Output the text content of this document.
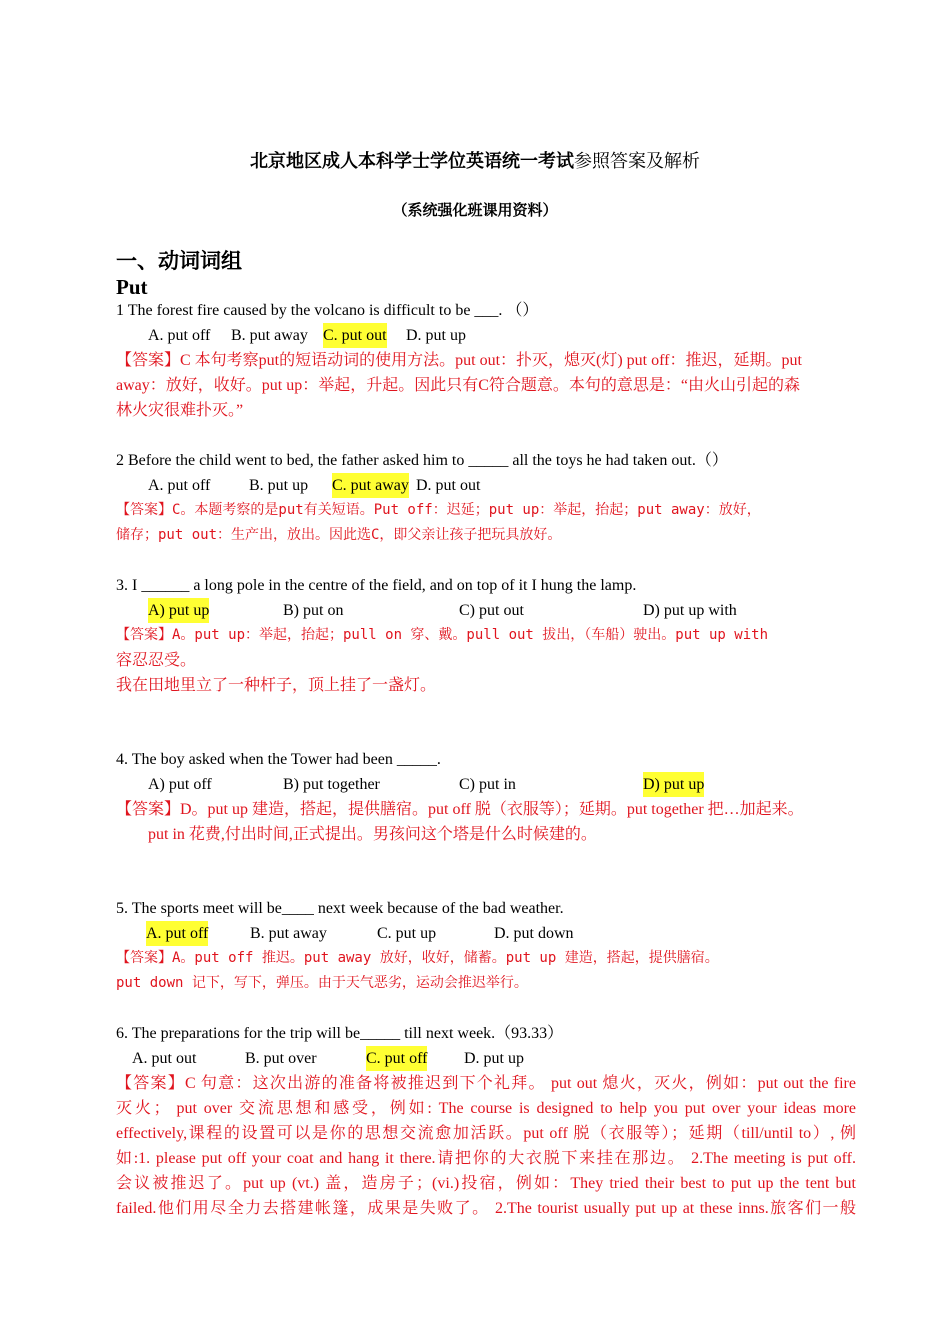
北京地区成人本科学士学位英语统一考试参照答案及解析
（系统强化班课用资料）
一、动词词组
Put
1 The forest fire caused by the volcano is difficult to be ___. （）
A. put off B. put away C. put out D. put up
【答案】C 本句考察put的短语动词的使用方法。put out：扑灭，熄灭(灯) put off：推迟，延期。put
away：放好，收好。put up：举起，升起。因此只有C符合题意。本句的意思是：“由火山引起的森
林火灾很难扑灭。”
2 Before the child went to bed, the father asked him to _____ all the toys he had taken out.（）
A. put off B. put up C. put away D. put out
【答案】C。本题考察的是put有关短语。Put off：迟延；put up：举起，抬起；put away：放好，
储存；put out：生产出，放出。因此选C，即父亲让孩子把玩具放好。
3. I ______ a long pole in the centre of the field, and on top of it I hung the lamp.
A) put up	B) put on	C) put out	D) put up with
【答案】A。put up：举起，抬起；pull on 穿、戴。pull out 拔出，（车船）驶出。put up with
容忍忍受。
我在田地里立了一种杆子，顶上挂了一盏灯。
4. The boy asked when the Tower had been _____.
A) put off	B) put together	C) put in	D) put up
【答案】D。put up 建造，搭起，提供膳宿。put off 脱（衣服等）；延期。put together 把…加起来。
put in 花费,付出时间,正式提出。男孩问这个塔是什么时候建的。
5. The sports meet will be____ next week because of the bad weather.
A. put off	B. put away	C. put up	D. put down
【答案】A。put off 推迟。put away 放好，收好，储蓄。put up 建造，搭起，提供膳宿。
put down 记下，写下，弹压。由于天气恶劣，运动会推迟举行。
6. The preparations for the trip will be_____ till next week.（93.33）
A. put out	B. put over	C. put off D. put up
【答案】C 句意：这次出游的准备将被推迟到下个礼拜。 put out 熄火，灭火，例如：put out the fire
灭火； put over 交流思想和感受，例如: The course is designed to help you put over your ideas more
effectively,课程的设置可以是你的思想交流愈加活跃。put off 脱（衣服等）；延期（till/until to）, 例
如:1. please put off your coat and hang it there.请把你的大衣脱下来挂在那边。 2.The meeting is put off.
会议被推迟了。put up (vt.) 盖，造房子；(vi.)投宿，例如：They tried their best to put up the tent but
failed.他们用尽全力去搭建帐篷，成果是失败了。 2.The tourist usually put up at these inns.旅客们一般
